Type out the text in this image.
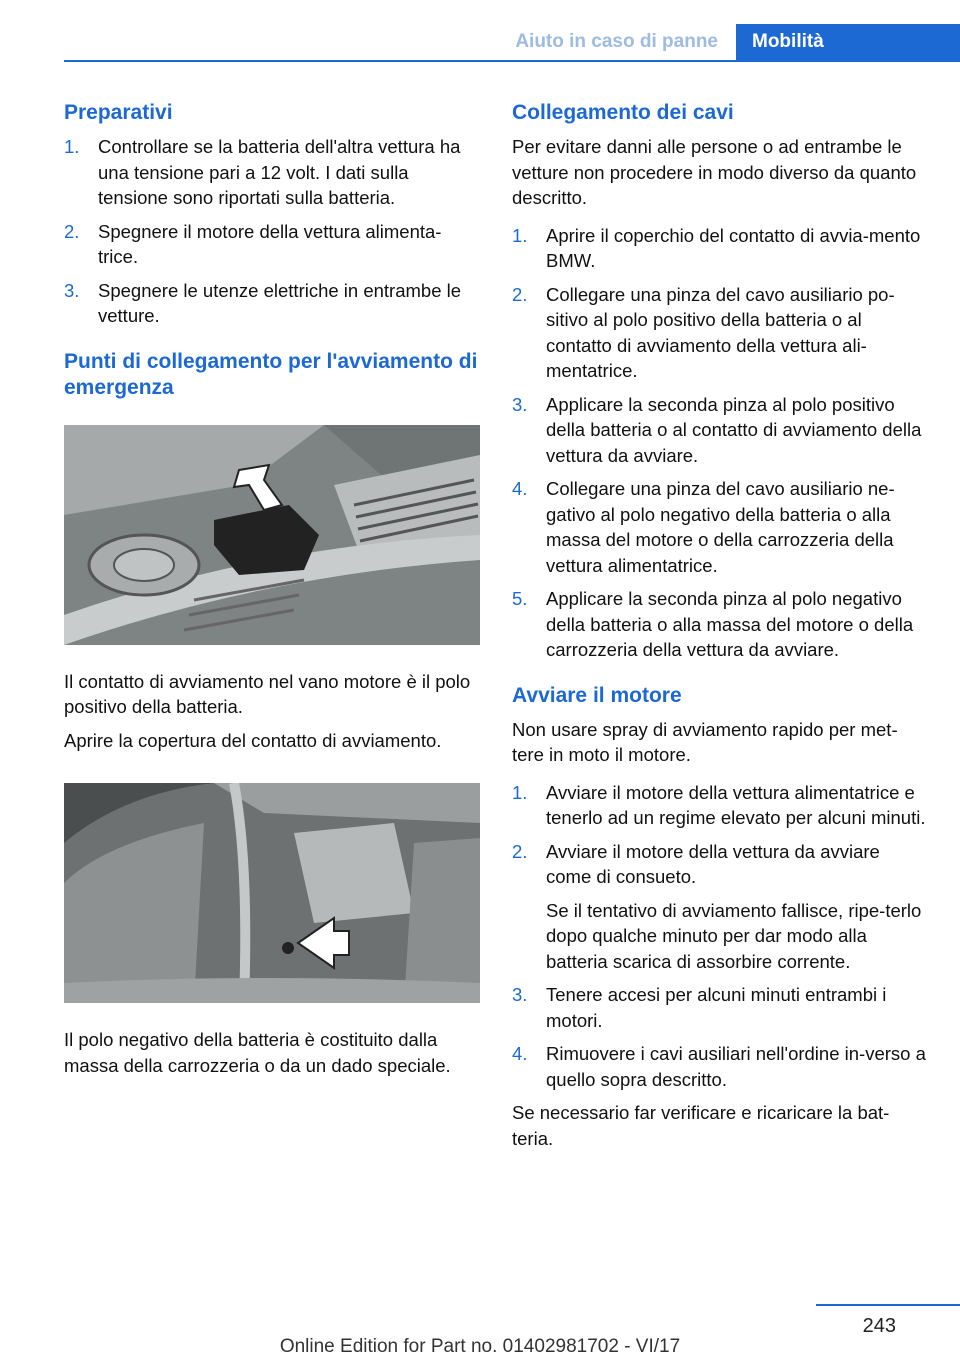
Aiuto in caso di panne	Mobilità
Preparativi
1. Controllare se la batteria dell'altra vettura ha una tensione pari a 12 volt. I dati sulla tensione sono riportati sulla batteria.
2. Spegnere il motore della vettura alimenta‐trice.
3. Spegnere le utenze elettriche in entrambe le vetture.
Punti di collegamento per l'avviamento di emergenza

Il contatto di avviamento nel vano motore è il polo positivo della batteria.

Aprire la copertura del contatto di avviamento.

Il polo negativo della batteria è costituito dalla massa della carrozzeria o da un dado speciale.

Collegamento dei cavi

Per evitare danni alle persone o ad entrambe le vetture non procedere in modo diverso da quanto descritto.

1. Aprire il coperchio del contatto di avvia‐mento BMW.
2. Collegare una pinza del cavo ausiliario po‐sitivo al polo positivo della batteria o al contatto di avviamento della vettura ali‐mentatrice.
3. Applicare la seconda pinza al polo positivo della batteria o al contatto di avviamento della vettura da avviare.
4. Collegare una pinza del cavo ausiliario ne‐gativo al polo negativo della batteria o alla massa del motore o della carrozzeria della vettura alimentatrice.
5. Applicare la seconda pinza al polo negativo della batteria o alla massa del motore o della carrozzeria della vettura da avviare.
Avviare il motore

Non usare spray di avviamento rapido per met‐tere in moto il motore.

1. Avviare il motore della vettura alimentatrice e tenerlo ad un regime elevato per alcuni minuti.
2. Avviare il motore della vettura da avviare come di consueto.
Se il tentativo di avviamento fallisce, ripe‐terlo dopo qualche minuto per dar modo alla batteria scarica di assorbire corrente.
3. Tenere accesi per alcuni minuti entrambi i motori.
4. Rimuovere i cavi ausiliari nell'ordine in‐verso a quello sopra descritto.

Se necessario far verificare e ricaricare la bat‐teria.

243
Online Edition for Part no. 01402981702 - VI/17
